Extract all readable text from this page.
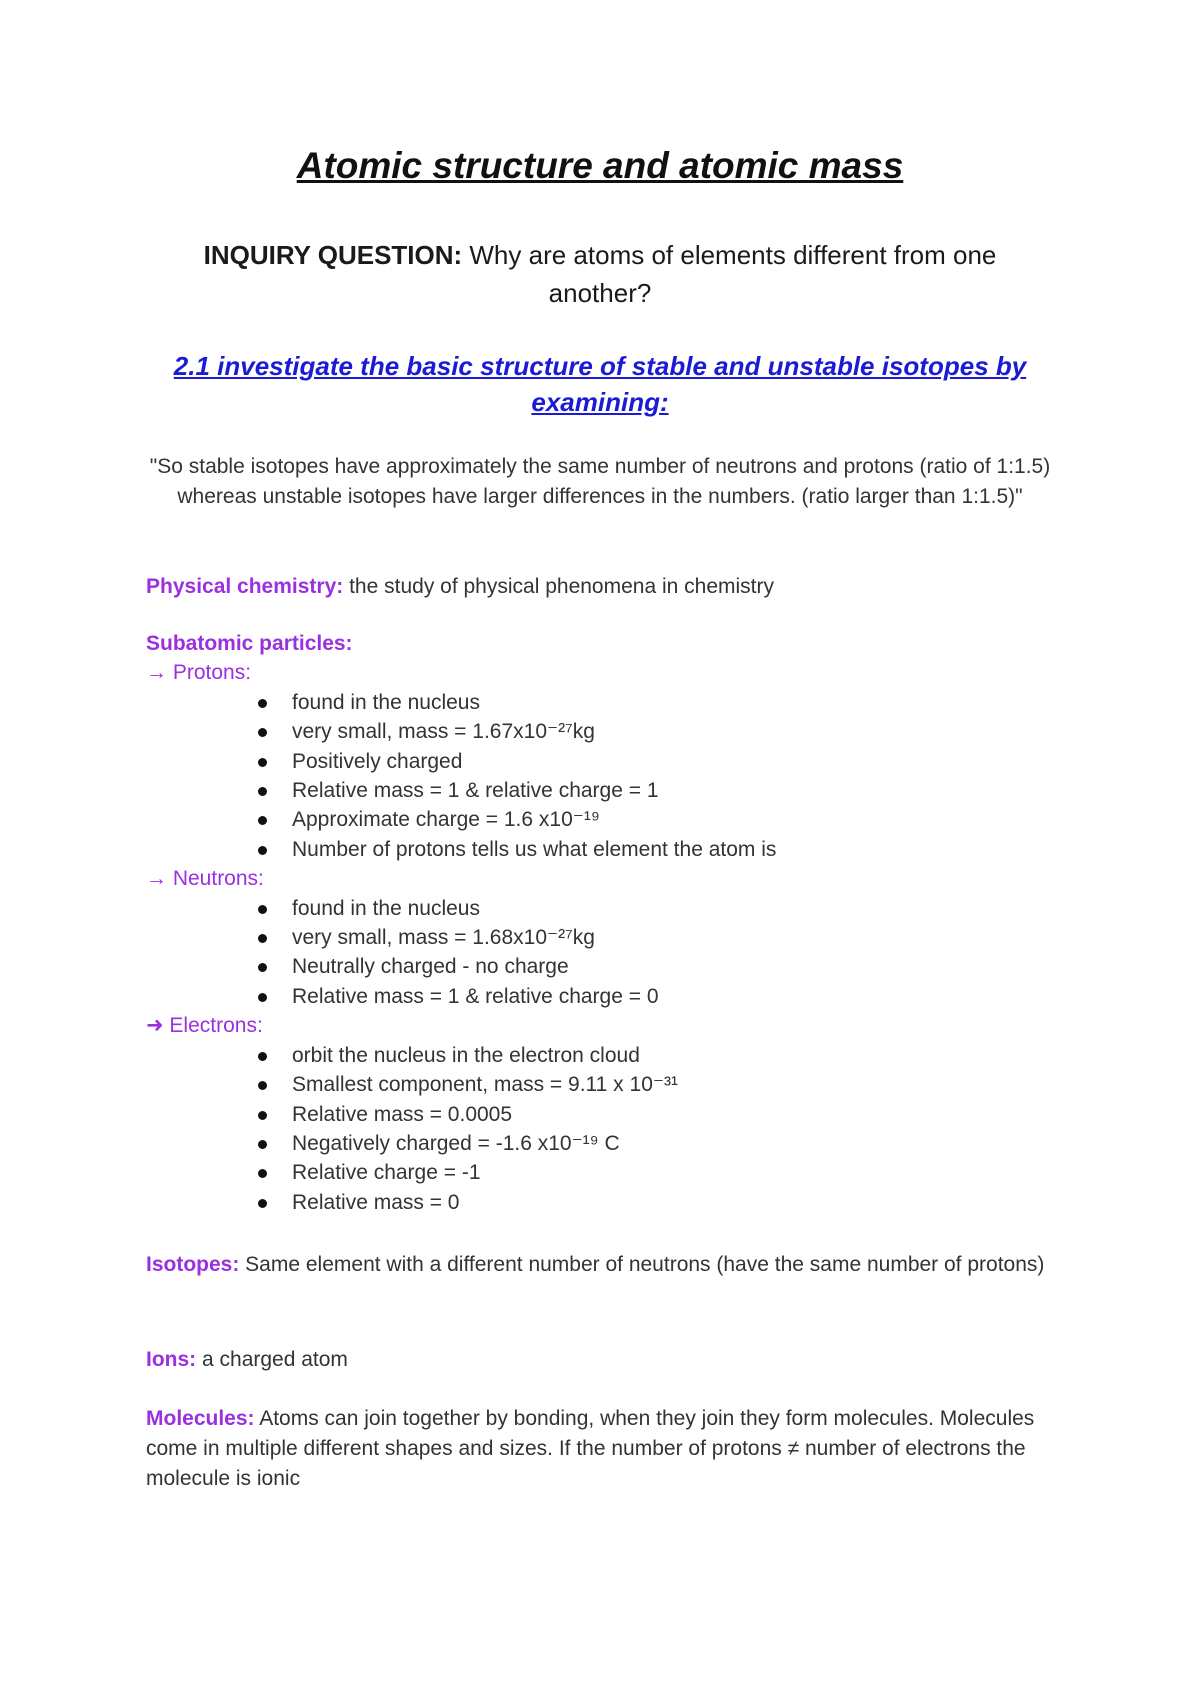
Atomic structure and atomic mass

INQUIRY QUESTION: Why are atoms of elements different from one another?

2.1 investigate the basic structure of stable and unstable isotopes by examining:

"So stable isotopes have approximately the same number of neutrons and protons (ratio of 1:1.5) whereas unstable isotopes have larger differences in the numbers. (ratio larger than 1:1.5)"

Physical chemistry: the study of physical phenomena in chemistry

Subatomic particles:
→ Protons:
found in the nucleus
very small, mass = 1.67x10⁻²⁷kg
Positively charged
Relative mass = 1 & relative charge = 1
Approximate charge = 1.6 x10⁻¹⁹
Number of protons tells us what element the atom is
→ Neutrons:
found in the nucleus
very small, mass = 1.68x10⁻²⁷kg
Neutrally charged - no charge
Relative mass = 1 & relative charge = 0
➜ Electrons:
orbit the nucleus in the electron cloud
Smallest component, mass = 9.11 x 10⁻³¹
Relative mass = 0.0005
Negatively charged = -1.6 x10⁻¹⁹ C
Relative charge = -1
Relative mass = 0

Isotopes: Same element with a different number of neutrons (have the same number of protons)

Ions: a charged atom

Molecules: Atoms can join together by bonding, when they join they form molecules. Molecules come in multiple different shapes and sizes. If the number of protons ≠ number of electrons the molecule is ionic
